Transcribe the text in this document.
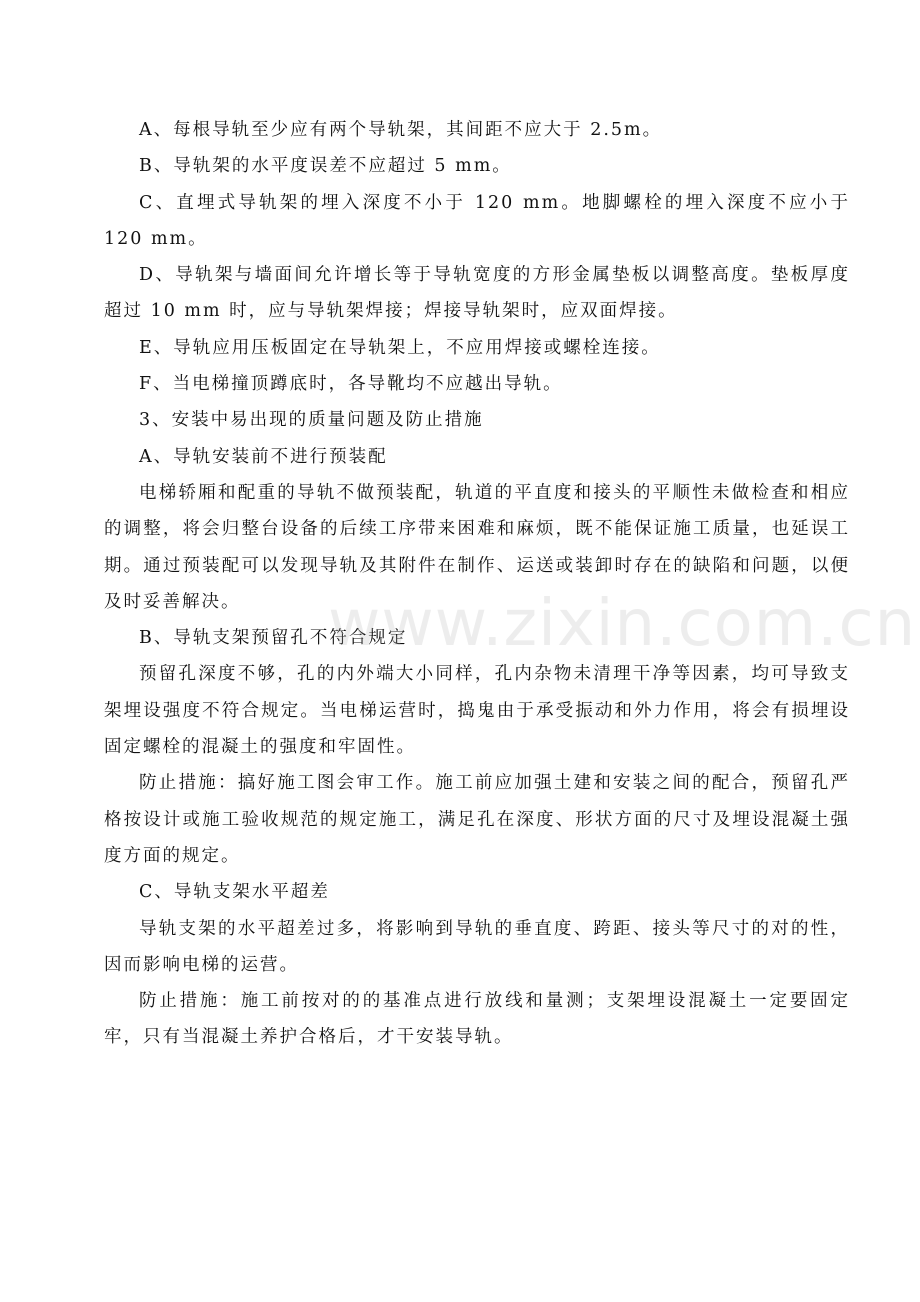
A、每根导轨至少应有两个导轨架，其间距不应大于 2.5m。

B、导轨架的水平度误差不应超过 5 mm。

C、直埋式导轨架的埋入深度不小于 120 mm。地脚螺栓的埋入深度不应小于 120 mm。

D、导轨架与墙面间允许增长等于导轨宽度的方形金属垫板以调整高度。垫板厚度超过 10 mm 时，应与导轨架焊接；焊接导轨架时，应双面焊接。

E、导轨应用压板固定在导轨架上，不应用焊接或螺栓连接。

F、当电梯撞顶蹲底时，各导靴均不应越出导轨。

3、安装中易出现的质量问题及防止措施

A、导轨安装前不进行预装配

电梯轿厢和配重的导轨不做预装配，轨道的平直度和接头的平顺性未做检查和相应的调整，将会归整台设备的后续工序带来困难和麻烦，既不能保证施工质量，也延误工期。通过预装配可以发现导轨及其附件在制作、运送或装卸时存在的缺陷和问题，以便及时妥善解决。

B、导轨支架预留孔不符合规定

预留孔深度不够，孔的内外端大小同样，孔内杂物未清理干净等因素，均可导致支架埋设强度不符合规定。当电梯运营时，捣鬼由于承受振动和外力作用，将会有损埋设固定螺栓的混凝土的强度和牢固性。

防止措施：搞好施工图会审工作。施工前应加强土建和安装之间的配合，预留孔严格按设计或施工验收规范的规定施工，满足孔在深度、形状方面的尺寸及埋设混凝土强度方面的规定。

C、导轨支架水平超差

导轨支架的水平超差过多，将影响到导轨的垂直度、跨距、接头等尺寸的对的性，因而影响电梯的运营。

防止措施：施工前按对的的基准点进行放线和量测；支架埋设混凝土一定要固定牢，只有当混凝土养护合格后，才干安装导轨。

www.zixin.com.cn
